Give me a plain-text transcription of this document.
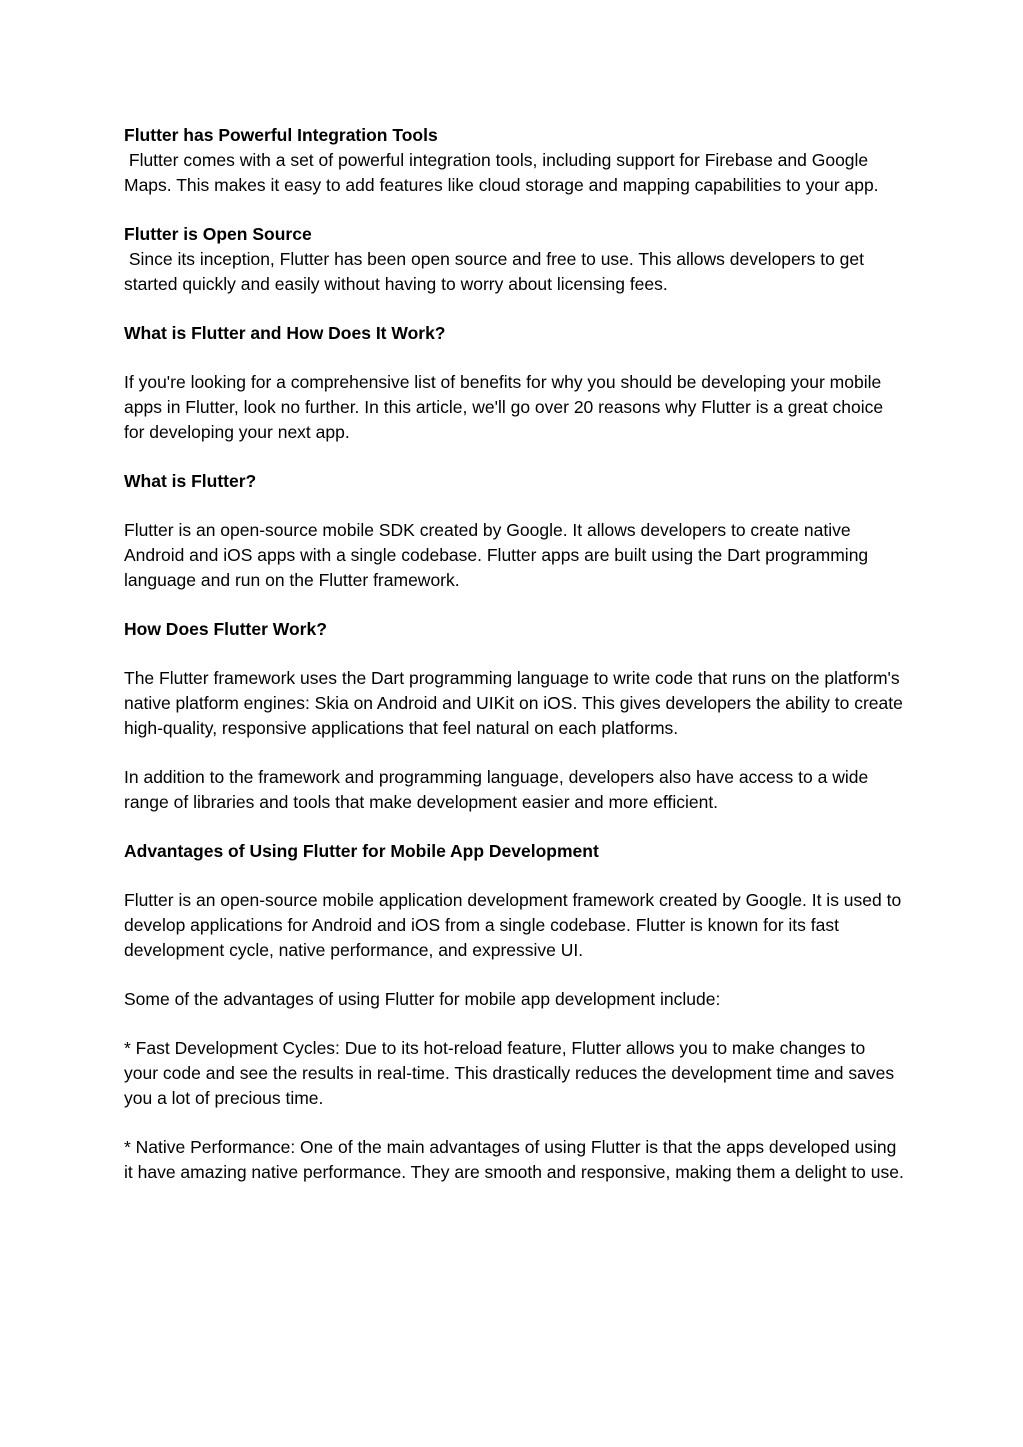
Flutter has Powerful Integration Tools
Flutter comes with a set of powerful integration tools, including support for Firebase and Google Maps. This makes it easy to add features like cloud storage and mapping capabilities to your app.
Flutter is Open Source
Since its inception, Flutter has been open source and free to use. This allows developers to get started quickly and easily without having to worry about licensing fees.
What is Flutter and How Does It Work?
If you're looking for a comprehensive list of benefits for why you should be developing your mobile apps in Flutter, look no further. In this article, we'll go over 20 reasons why Flutter is a great choice for developing your next app.
What is Flutter?
Flutter is an open-source mobile SDK created by Google. It allows developers to create native Android and iOS apps with a single codebase. Flutter apps are built using the Dart programming language and run on the Flutter framework.
How Does Flutter Work?
The Flutter framework uses the Dart programming language to write code that runs on the platform's native platform engines: Skia on Android and UIKit on iOS. This gives developers the ability to create high-quality, responsive applications that feel natural on each platforms.
In addition to the framework and programming language, developers also have access to a wide range of libraries and tools that make development easier and more efficient.
Advantages of Using Flutter for Mobile App Development
Flutter is an open-source mobile application development framework created by Google. It is used to develop applications for Android and iOS from a single codebase. Flutter is known for its fast development cycle, native performance, and expressive UI.
Some of the advantages of using Flutter for mobile app development include:
* Fast Development Cycles: Due to its hot-reload feature, Flutter allows you to make changes to your code and see the results in real-time. This drastically reduces the development time and saves you a lot of precious time.
* Native Performance: One of the main advantages of using Flutter is that the apps developed using it have amazing native performance. They are smooth and responsive, making them a delight to use.
